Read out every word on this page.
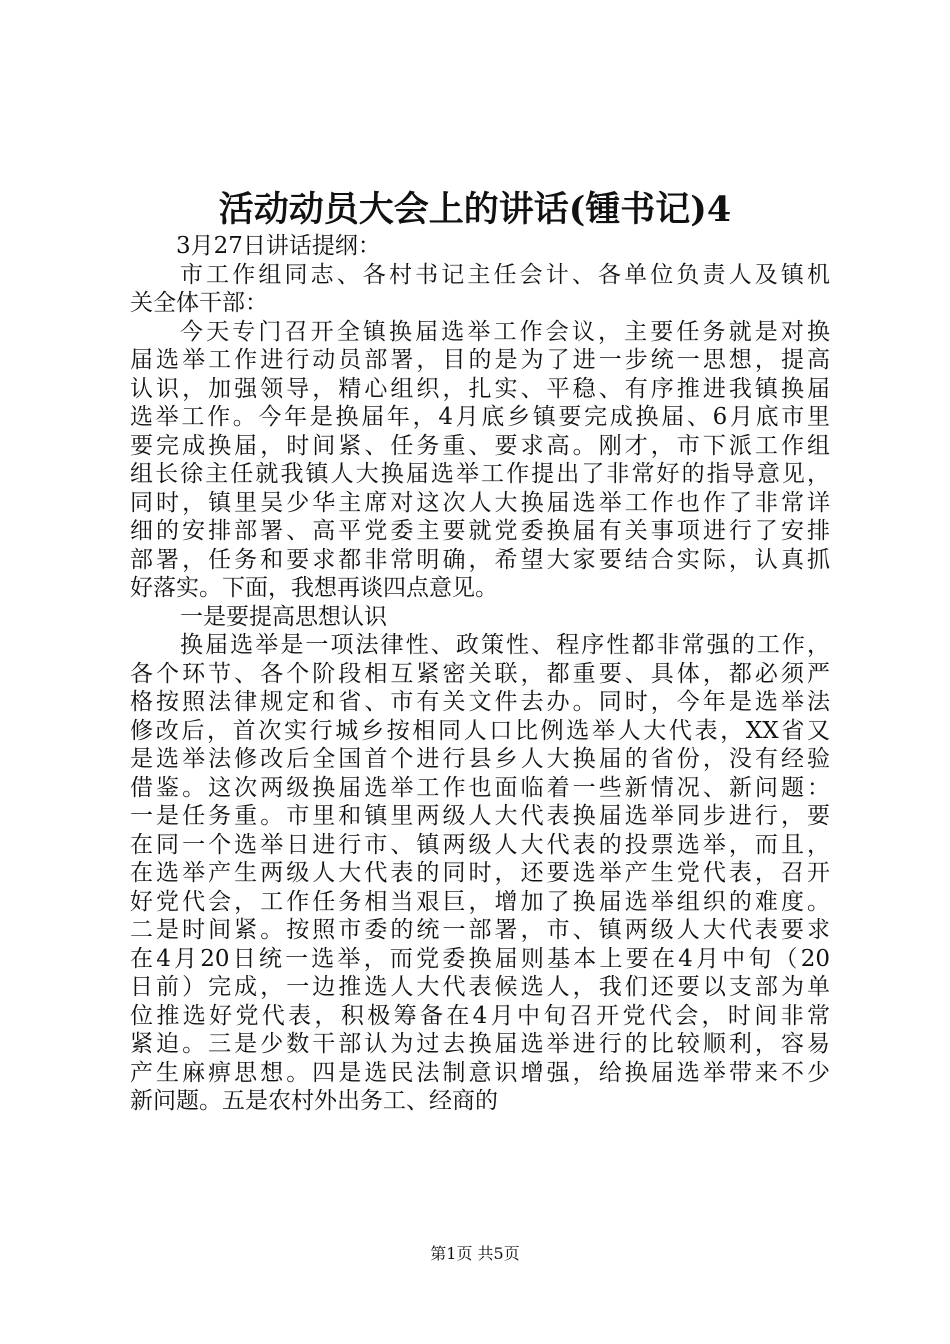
活动动员大会上的讲话(锺书记)4
3月27日讲话提纲：
市工作组同志、各村书记主任会计、各单位负责人及镇机
关全体干部：
今天专门召开全镇换届选举工作会议，主要任务就是对换
届选举工作进行动员部署，目的是为了进一步统一思想，提高
认识，加强领导，精心组织，扎实、平稳、有序推进我镇换届
选举工作。今年是换届年，4月底乡镇要完成换届、6月底市里
要完成换届，时间紧、任务重、要求高。刚才，市下派工作组
组长徐主任就我镇人大换届选举工作提出了非常好的指导意见，
同时，镇里吴少华主席对这次人大换届选举工作也作了非常详
细的安排部署、高平党委主要就党委换届有关事项进行了安排
部署，任务和要求都非常明确，希望大家要结合实际，认真抓
好落实。下面，我想再谈四点意见。
一是要提高思想认识
换届选举是一项法律性、政策性、程序性都非常强的工作，
各个环节、各个阶段相互紧密关联，都重要、具体，都必须严
格按照法律规定和省、市有关文件去办。同时，今年是选举法
修改后，首次实行城乡按相同人口比例选举人大代表，XX省又
是选举法修改后全国首个进行县乡人大换届的省份，没有经验
借鉴。这次两级换届选举工作也面临着一些新情况、新问题：
一是任务重。市里和镇里两级人大代表换届选举同步进行，要
在同一个选举日进行市、镇两级人大代表的投票选举，而且，
在选举产生两级人大代表的同时，还要选举产生党代表，召开
好党代会，工作任务相当艰巨，增加了换届选举组织的难度。
二是时间紧。按照市委的统一部署，市、镇两级人大代表要求
在4月20日统一选举，而党委换届则基本上要在4月中旬（20
日前）完成，一边推选人大代表候选人，我们还要以支部为单
位推选好党代表，积极筹备在4月中旬召开党代会，时间非常
紧迫。三是少数干部认为过去换届选举进行的比较顺利，容易
产生麻痹思想。四是选民法制意识增强，给换届选举带来不少
新问题。五是农村外出务工、经商的
第1页 共5页
